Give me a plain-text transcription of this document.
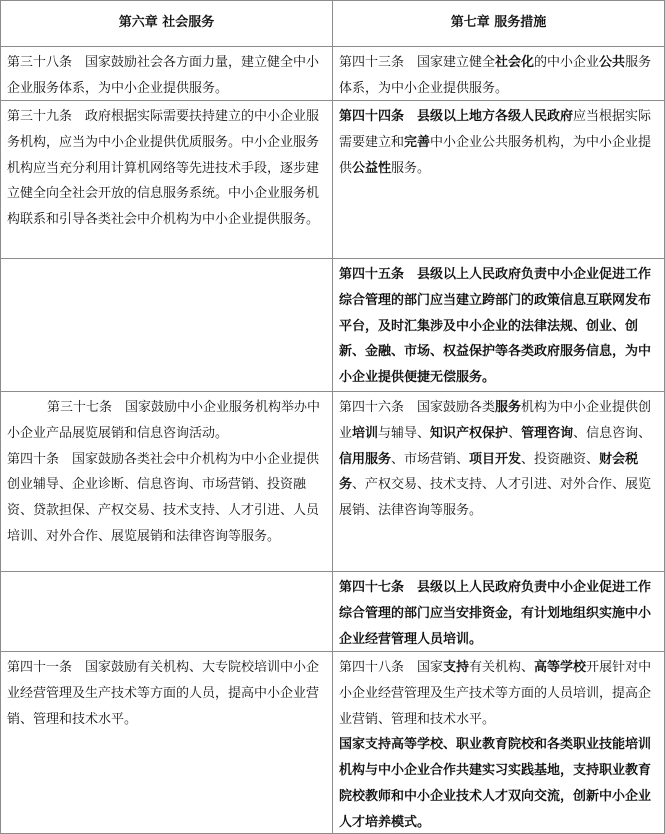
第六章 社会服务	第七章 服务措施
第三十八条　国家鼓励社会各方面力量，建立健全中小企业服务体系，为中小企业提供服务。
第四十三条　国家建立健全社会化的中小企业公共服务体系，为中小企业提供服务。
第三十九条　政府根据实际需要扶持建立的中小企业服务机构，应当为中小企业提供优质服务。中小企业服务机构应当充分利用计算机网络等先进技术手段，逐步建立健全向全社会开放的信息服务系统。中小企业服务机构联系和引导各类社会中介机构为中小企业提供服务。
第四十四条　县级以上地方各级人民政府应当根据实际需要建立和完善中小企业公共服务机构，为中小企业提供公益性服务。
第四十五条　县级以上人民政府负责中小企业促进工作综合管理的部门应当建立跨部门的政策信息互联网发布平台，及时汇集涉及中小企业的法律法规、创业、创新、金融、市场、权益保护等各类政府服务信息，为中小企业提供便捷无偿服务。
第三十七条　国家鼓励中小企业服务机构举办中小企业产品展览展销和信息咨询活动。
第四十条　国家鼓励各类社会中介机构为中小企业提供创业辅导、企业诊断、信息咨询、市场营销、投资融资、贷款担保、产权交易、技术支持、人才引进、人员培训、对外合作、展览展销和法律咨询等服务。
第四十六条　国家鼓励各类服务机构为中小企业提供创业培训与辅导、知识产权保护、管理咨询、信息咨询、信用服务、市场营销、项目开发、投资融资、财会税务、产权交易、技术支持、人才引进、对外合作、展览展销、法律咨询等服务。
第四十七条　县级以上人民政府负责中小企业促进工作综合管理的部门应当安排资金，有计划地组织实施中小企业经营管理人员培训。
第四十一条　国家鼓励有关机构、大专院校培训中小企业经营管理及生产技术等方面的人员，提高中小企业营销、管理和技术水平。
第四十八条　国家支持有关机构、高等学校开展针对中小企业经营管理及生产技术等方面的人员培训，提高企业营销、管理和技术水平。
国家支持高等学校、职业教育院校和各类职业技能培训机构与中小企业合作共建实习实践基地，支持职业教育院校教师和中小企业技术人才双向交流，创新中小企业人才培养模式。
